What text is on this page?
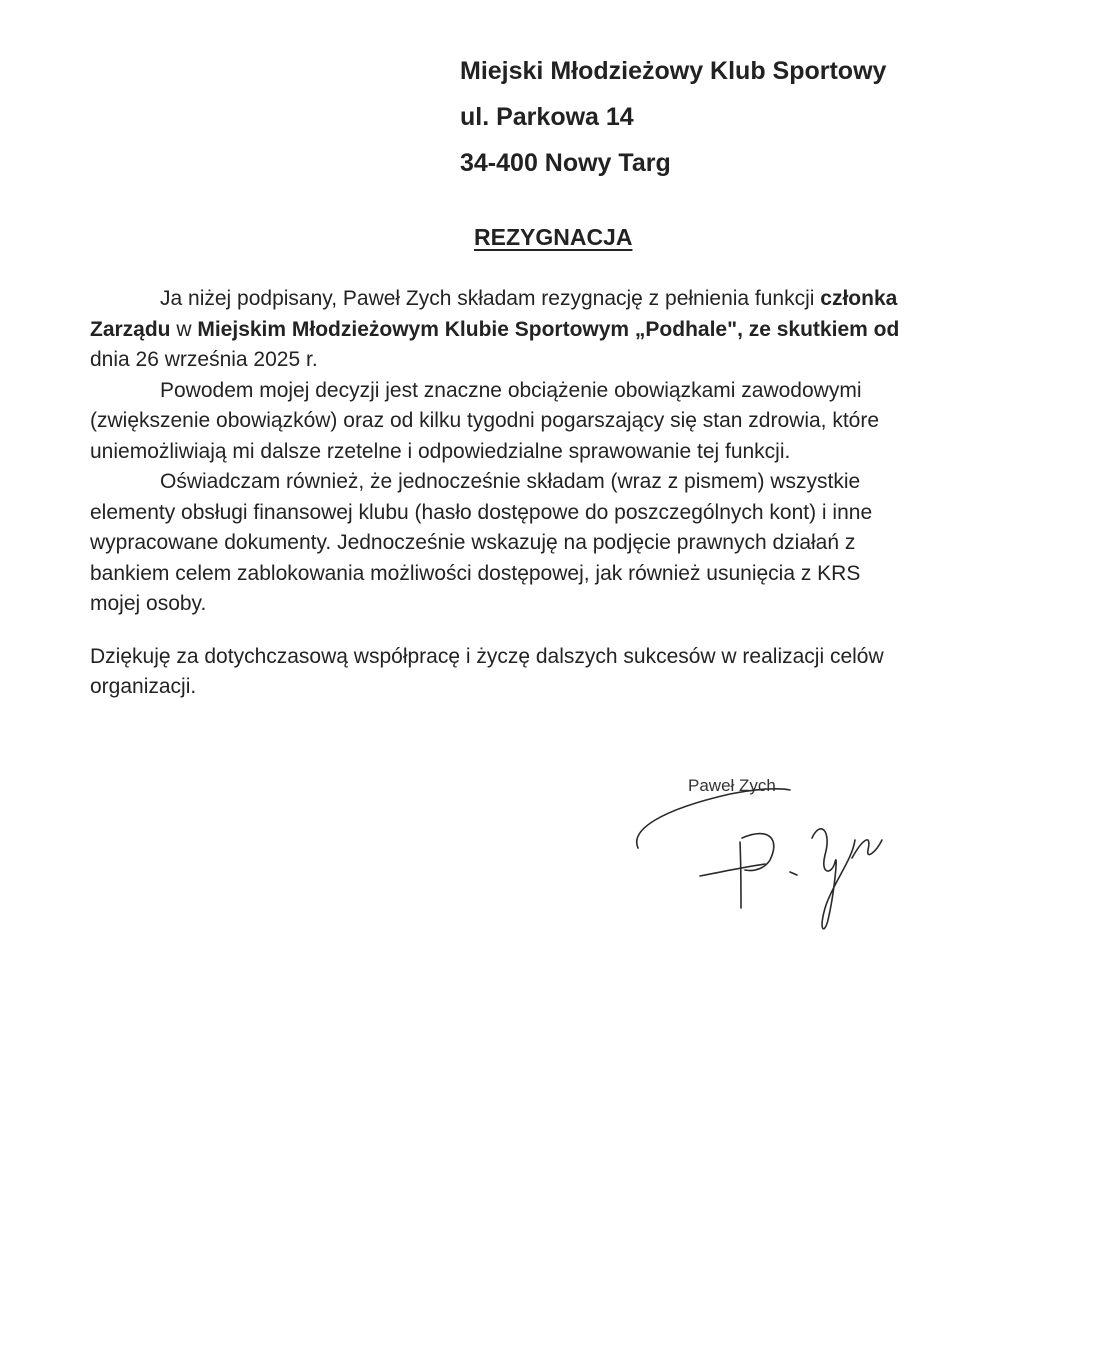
Miejski Młodzieżowy Klub Sportowy
ul. Parkowa 14
34-400 Nowy Targ
REZYGNACJA
Ja niżej podpisany, Paweł Zych składam rezygnację z pełnienia funkcji członka
Zarządu w Miejskim Młodzieżowym Klubie Sportowym „Podhale", ze skutkiem od
dnia 26 września 2025 r.
Powodem mojej decyzji jest znaczne obciążenie obowiązkami zawodowymi
(zwiększenie obowiązków) oraz od kilku tygodni pogarszający się stan zdrowia, które
uniemożliwiają mi dalsze rzetelne i odpowiedzialne sprawowanie tej funkcji.
Oświadczam również, że jednocześnie składam (wraz z pismem) wszystkie
elementy obsługi finansowej klubu (hasło dostępowe do poszczególnych kont) i inne
wypracowane dokumenty. Jednocześnie wskazuję na podjęcie prawnych działań z
bankiem celem zablokowania możliwości dostępowej, jak również usunięcia z KRS
mojej osoby.
Dziękuję za dotychczasową współpracę i życzę dalszych sukcesów w realizacji celów
organizacji.
Paweł Zych
